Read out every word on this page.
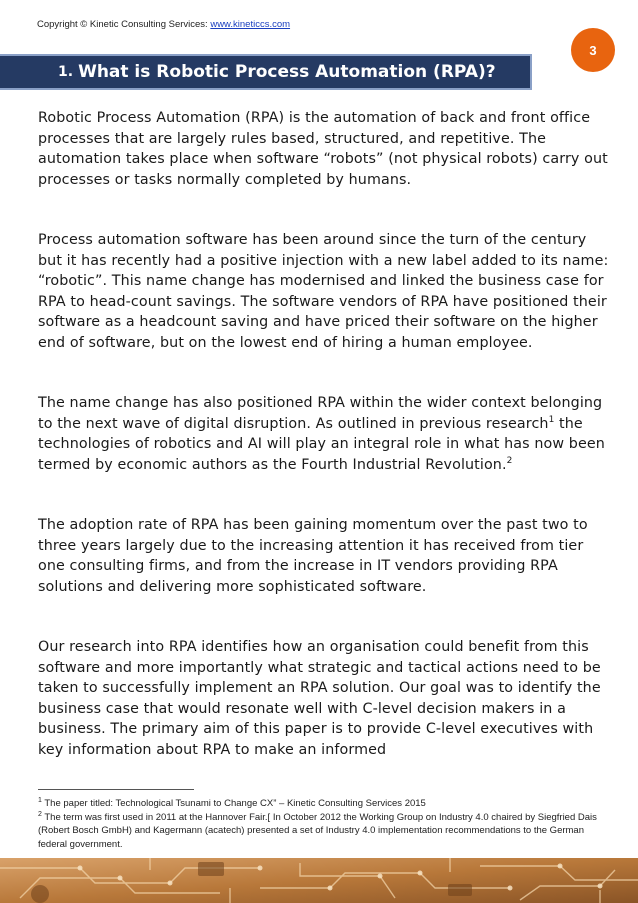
Copyright © Kinetic Consulting Services: www.kineticcs.com
3
1. What is Robotic Process Automation (RPA)?

Robotic Process Automation (RPA) is the automation of back and front office processes that are largely rules based, structured, and repetitive. The automation takes place when software “robots” (not physical robots) carry out processes or tasks normally completed by humans.

Process automation software has been around since the turn of the century but it has recently had a positive injection with a new label added to its name: “robotic”. This name change has modernised and linked the business case for RPA to head-count savings. The software vendors of RPA have positioned their software as a headcount saving and have priced their software on the higher end of software, but on the lowest end of hiring a human employee.

The name change has also positioned RPA within the wider context belonging to the next wave of digital disruption. As outlined in previous research$^1$ the technologies of robotics and AI will play an integral role in what has now been termed by economic authors as the Fourth Industrial Revolution.$^2$

The adoption rate of RPA has been gaining momentum over the past two to three years largely due to the increasing attention it has received from tier one consulting firms, and from the increase in IT vendors providing RPA solutions and delivering more sophisticated software.

Our research into RPA identifies how an organisation could benefit from this software and more importantly what strategic and tactical actions need to be taken to successfully implement an RPA solution. Our goal was to identify the business case that would resonate well with C-level decision makers in a business. The primary aim of this paper is to provide C-level executives with key information about RPA to make an informed

$^1$ The paper titled: Technological Tsunami to Change CX” – Kinetic Consulting Services 2015
$^2$ The term was first used in 2011 at the Hannover Fair.[ In October 2012 the Working Group on Industry 4.0 chaired by Siegfried Dais (Robert Bosch GmbH) and Kagermann (acatech) presented a set of Industry 4.0 implementation recommendations to the German federal government.
